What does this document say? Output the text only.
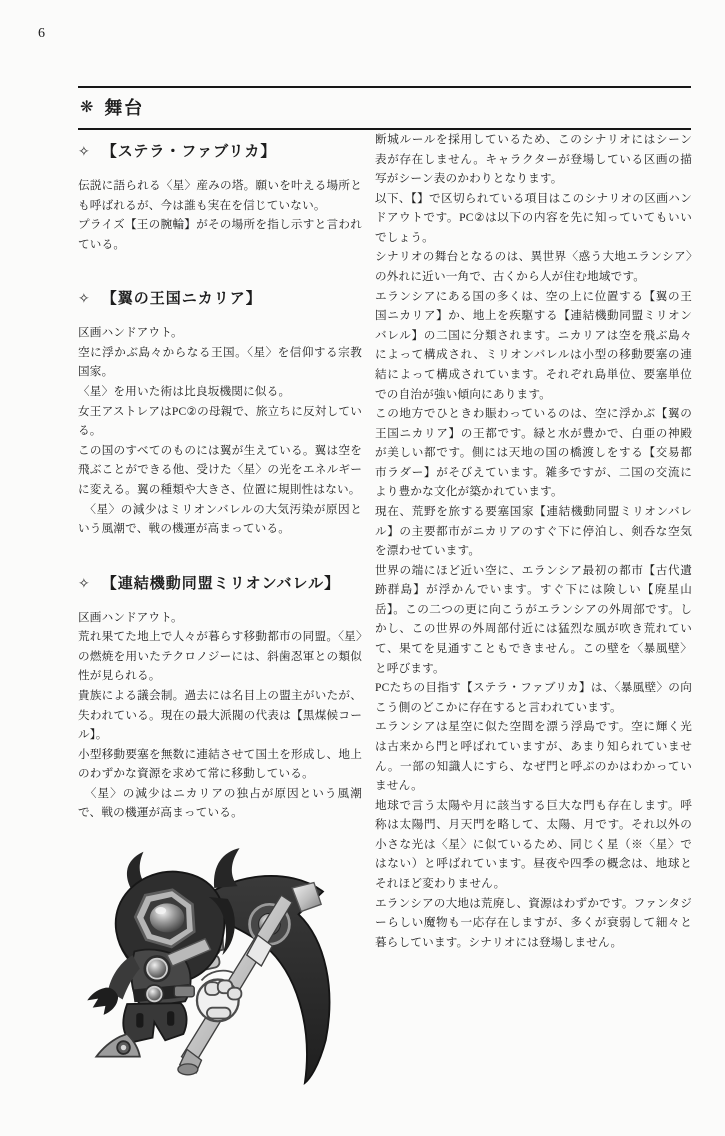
6
❋ 舞台
✧ 【ステラ・ファブリカ】

伝説に語られる〈星〉産みの塔。願いを叶える場所とも呼ばれるが、今は誰も実在を信じていない。

プライズ【王の腕輪】がその場所を指し示すと言われている。

✧ 【翼の王国ニカリア】

区画ハンドアウト。

空に浮かぶ島々からなる王国。〈星〉を信仰する宗教国家。

〈星〉を用いた術は比良坂機関に似る。

女王アストレアはPC②の母親で、旅立ちに反対している。

この国のすべてのものには翼が生えている。翼は空を飛ぶことができる他、受けた〈星〉の光をエネルギーに変える。翼の種類や大きさ、位置に規則性はない。

　〈星〉の減少はミリオンバレルの大気汚染が原因という風潮で、戦の機運が高まっている。

✧ 【連結機動同盟ミリオンバレル】

区画ハンドアウト。

荒れ果てた地上で人々が暮らす移動都市の同盟。〈星〉の燃焼を用いたテクロノジーには、斜歯忍軍との類似性が見られる。

貴族による議会制。過去には名目上の盟主がいたが、失われている。現在の最大派閥の代表は【黒煤候コール】。

小型移動要塞を無数に連結させて国土を形成し、地上のわずかな資源を求めて常に移動している。

　〈星〉の減少はニカリアの独占が原因という風潮で、戦の機運が高まっている。

断城ルールを採用しているため、このシナリオにはシーン表が存在しません。キャラクターが登場している区画の描写がシーン表のかわりとなります。

以下、【】で区切られている項目はこのシナリオの区画ハンドアウトです。PC②は以下の内容を先に知っていてもいいでしょう。

シナリオの舞台となるのは、異世界〈惑う大地エランシア〉の外れに近い一角で、古くから人が住む地域です。

エランシアにある国の多くは、空の上に位置する【翼の王国ニカリア】か、地上を疾駆する【連結機動同盟ミリオンバレル】の二国に分類されます。ニカリアは空を飛ぶ島々によって構成され、ミリオンバレルは小型の移動要塞の連結によって構成されています。それぞれ島単位、要塞単位での自治が強い傾向にあります。

この地方でひときわ賑わっているのは、空に浮かぶ【翼の王国ニカリア】の王都です。緑と水が豊かで、白亜の神殿が美しい都です。側には天地の国の橋渡しをする【交易都市ラダー】がそびえています。雑多ですが、二国の交流により豊かな文化が築かれています。

現在、荒野を旅する要塞国家【連結機動同盟ミリオンバレル】の主要都市がニカリアのすぐ下に停泊し、剣呑な空気を漂わせています。

世界の端にほど近い空に、エランシア最初の都市【古代遺跡群島】が浮かんでいます。すぐ下には険しい【廃星山岳】。この二つの更に向こうがエランシアの外周部です。しかし、この世界の外周部付近には猛烈な風が吹き荒れていて、果てを見通すこともできません。この壁を〈暴風壁〉と呼びます。

PCたちの目指す【ステラ・ファブリカ】は、〈暴風壁〉の向こう側のどこかに存在すると言われています。

エランシアは星空に似た空間を漂う浮島です。空に輝く光は古来から門と呼ばれていますが、あまり知られていません。一部の知識人にすら、なぜ門と呼ぶのかはわかっていません。

地球で言う太陽や月に該当する巨大な門も存在します。呼称は太陽門、月天門を略して、太陽、月です。それ以外の小さな光は〈星〉に似ているため、同じく星（※〈星〉ではない）と呼ばれています。昼夜や四季の概念は、地球とそれほど変わりません。

エランシアの大地は荒廃し、資源はわずかです。ファンタジーらしい魔物も一応存在しますが、多くが衰弱して細々と暮らしています。シナリオには登場しません。
